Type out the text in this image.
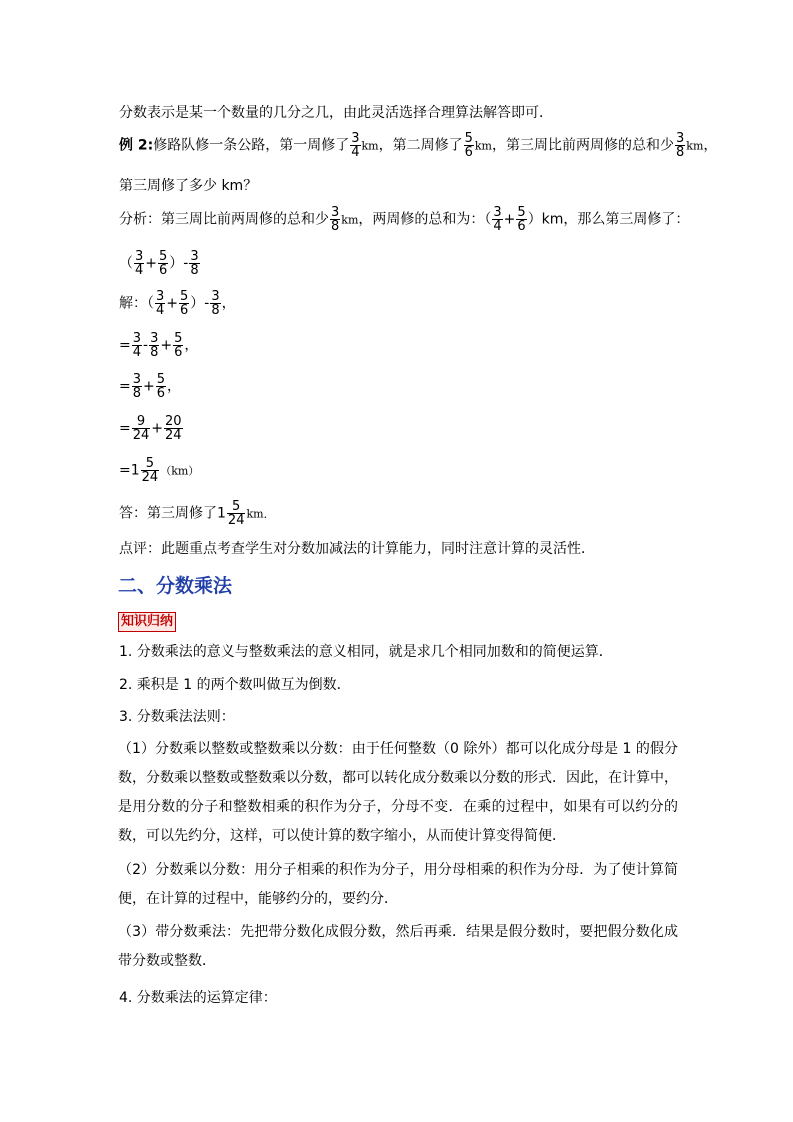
分数表示是某一个数量的几分之几，由此灵活选择合理算法解答即可．
例 2:修路队修一条公路，第一周修了 $\frac{3}{4}$ km，第二周修了 $\frac{5}{6}$ km，第三周比前两周修的总和少 $\frac{3}{8}$ km，
第三周修了多少 km？
分析：第三周比前两周修的总和少 $\frac{3}{8}$ km，两周修的总和为：（ $\frac{3}{4} + \frac{5}{6} )km$，那么第三周修了：
（ $\frac{3}{4} + \frac{5}{6}$ ）- $\frac{3}{8}$
解：（ $\frac{3}{4} + \frac{5}{6}$ ）- $\frac{3}{8}$ ，
= $\frac{3}{4} - \frac{3}{8} + \frac{5}{6}$ ，
= $\frac{3}{8} + \frac{5}{6}$ ，
= $\frac{9}{24} + \frac{20}{24}$
$=1 \frac{5}{24} (km)$
答：第三周修了$1 \frac{5}{24}$ km．
点评：此题重点考查学生对分数加减法的计算能力，同时注意计算的灵活性．
二、分数乘法
知识归纳
1. 分数乘法的意义与整数乘法的意义相同，就是求几个相同加数和的简便运算．
2. 乘积是 1 的两个数叫做互为倒数．
3. 分数乘法法则：
（1）分数乘以整数或整数乘以分数：由于任何整数（0 除外）都可以化成分母是 1 的假分数，分数乘以整数或整数乘以分数，都可以转化成分数乘以分数的形式．因此，在计算中，是用分数的分子和整数相乘的积作为分子，分母不变．在乘的过程中，如果有可以约分的数，可以先约分，这样，可以使计算的数字缩小，从而使计算变得简便．
（2）分数乘以分数：用分子相乘的积作为分子，用分母相乘的积作为分母．为了使计算简便，在计算的过程中，能够约分的，要约分．
（3）带分数乘法：先把带分数化成假分数，然后再乘．结果是假分数时，要把假分数化成带分数或整数．
4. 分数乘法的运算定律：
